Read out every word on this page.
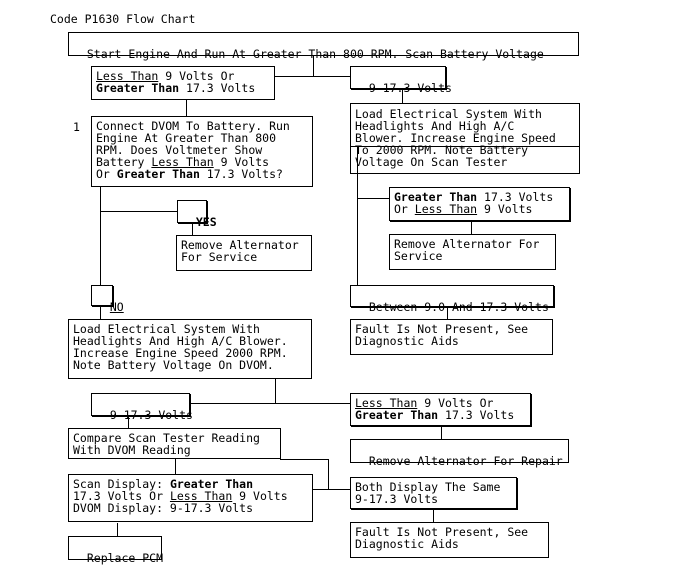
Code P1630 Flow Chart

Start Engine And Run At Greater Than 800 RPM. Scan Battery Voltage

Less Than 9 Volts Or
Greater Than 17.3 Volts	9-17.3 Volts

1	Connect DVOM To Battery. Run
Engine At Greater Than 800
RPM. Does Voltmeter Show
Battery Less Than 9 Volts
Or Greater Than 17.3 Volts?
Load Electrical System With
Headlights And High A/C
Blower. Increase Engine Speed
To 2000 RPM. Note Battery
Voltage On Scan Tester
Greater Than 17.3 Volts
Or Less Than 9 Volts

YES

Remove Alternator
For Service
Remove Alternator For
Service

NO	Between 9.0 And 17.3 Volts

Fault Is Not Present, See
Diagnostic Aids
Load Electrical System With
Headlights And High A/C Blower.
Increase Engine Speed 2000 RPM.
Note Battery Voltage On DVOM.

9-17.3 Volts

Less Than 9 Volts Or
Greater Than 17.3 Volts
Compare Scan Tester Reading
With DVOM Reading

Remove Alternator For Repair

Scan Display: Greater Than
17.3 Volts Or Less Than 9 Volts
DVOM Display: 9-17.3 Volts
Both Display The Same
9-17.3 Volts

Replace PCM

Fault Is Not Present, See
Diagnostic Aids
